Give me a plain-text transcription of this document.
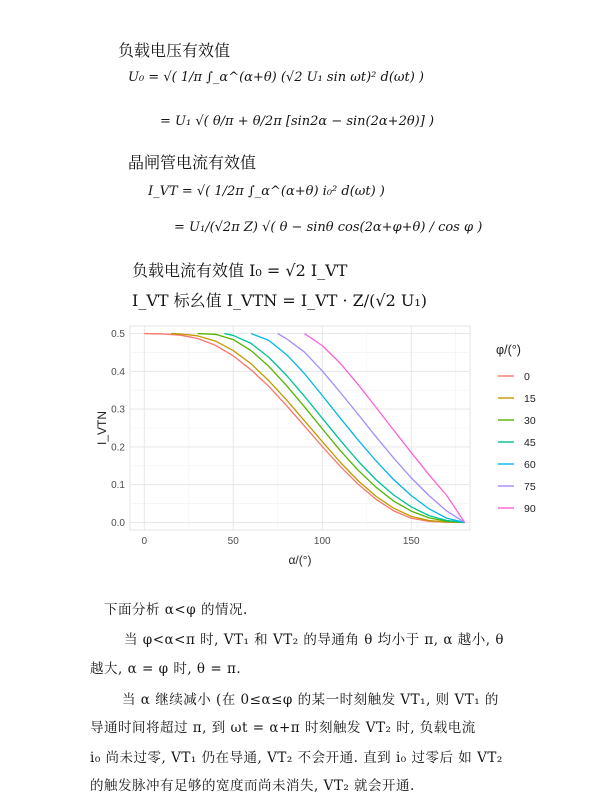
负载电压有效值
U₀ = √( 1/π ∫_α^(α+θ) (√2 U₁ sin ωt)² d(ωt) )
= U₁ √( θ/π + θ/2π [sin2α − sin(2α+2θ)] )
晶闸管电流有效值
I_VT = √( 1/2π ∫_α^(α+θ) i₀² d(ωt) )
= U₁/(√2π Z) √( θ − sinθ cos(2α+φ+θ) / cos φ )
负载电流有效值 I₀ = √2 I_VT
I_VT 标幺值 I_VTN = I_VT · Z/(√2 U₁)
0	50	100	150
0.0
0.1
0.2
0.3
0.4
0.5
α/(°)
I_VTN
φ/(°)
0
15
30
45
60
75
90
下面分析 α<φ 的情况.
当 φ<α<π 时, VT₁ 和 VT₂ 的导通角 θ 均小于 π, α 越小, θ
越大, α = φ 时, θ = π.
当 α 继续减小 (在 0≤α≤φ 的某一时刻触发 VT₁, 则 VT₁ 的
导通时间将超过 π, 到 ωt = α+π 时刻触发 VT₂ 时, 负载电流
i₀ 尚未过零, VT₁ 仍在导通, VT₂ 不会开通. 直到 i₀ 过零后 如 VT₂
的触发脉冲有足够的宽度而尚未消失, VT₂ 就会开通.
